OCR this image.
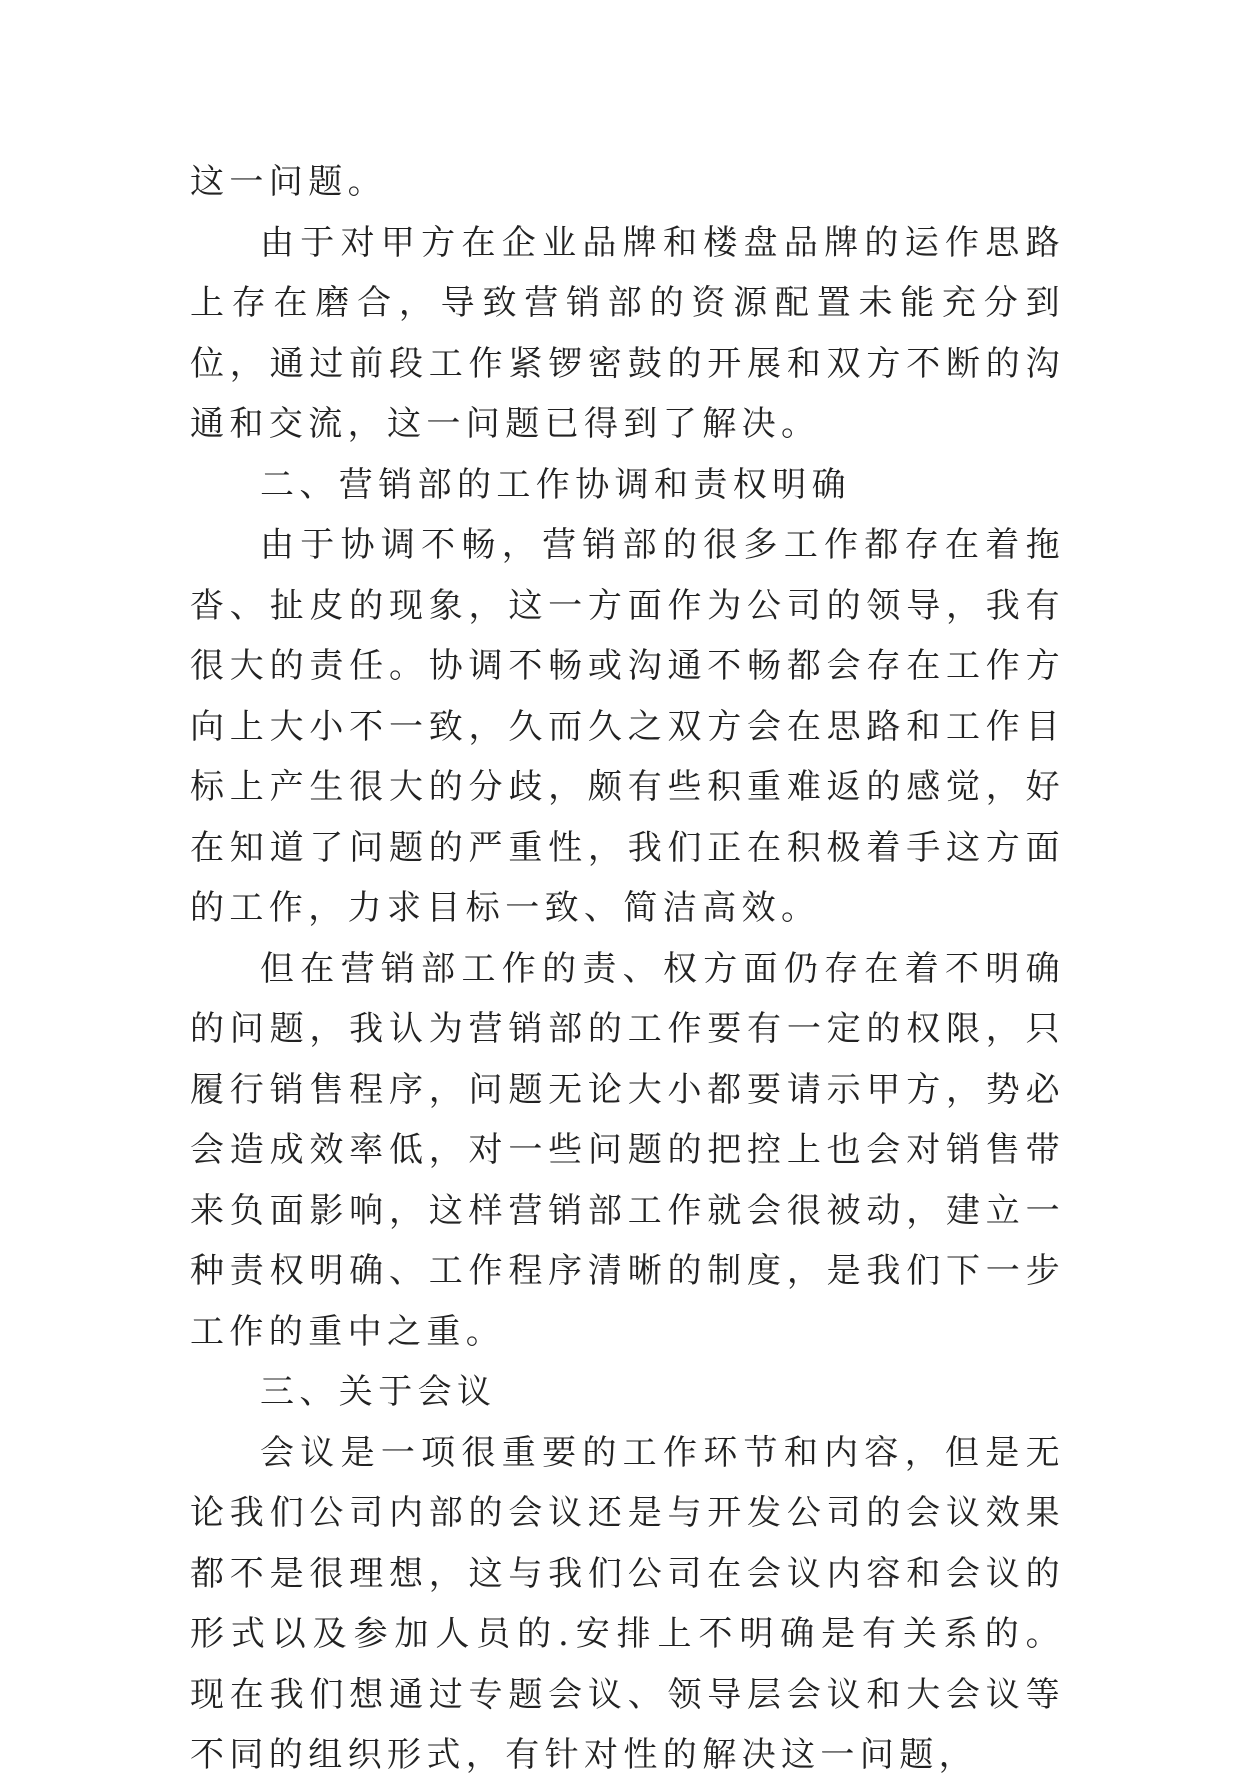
这一问题。

由于对甲方在企业品牌和楼盘品牌的运作思路上存在磨合，导致营销部的资源配置未能充分到位，通过前段工作紧锣密鼓的开展和双方不断的沟通和交流，这一问题已得到了解决。

二、营销部的工作协调和责权明确

由于协调不畅，营销部的很多工作都存在着拖沓、扯皮的现象，这一方面作为公司的领导，我有很大的责任。协调不畅或沟通不畅都会存在工作方向上大小不一致，久而久之双方会在思路和工作目标上产生很大的分歧，颇有些积重难返的感觉，好在知道了问题的严重性，我们正在积极着手这方面的工作，力求目标一致、简洁高效。

但在营销部工作的责、权方面仍存在着不明确的问题，我认为营销部的工作要有一定的权限，只履行销售程序，问题无论大小都要请示甲方，势必会造成效率低，对一些问题的把控上也会对销售带来负面影响，这样营销部工作就会很被动，建立一种责权明确、工作程序清晰的制度，是我们下一步工作的重中之重。

三、关于会议

会议是一项很重要的工作环节和内容，但是无论我们公司内部的会议还是与开发公司的会议效果都不是很理想，这与我们公司在会议内容和会议的形式以及参加人员的.安排上不明确是有关系的。现在我们想通过专题会议、领导层会议和大会议等不同的组织形式，有针对性的解决这一问题，
